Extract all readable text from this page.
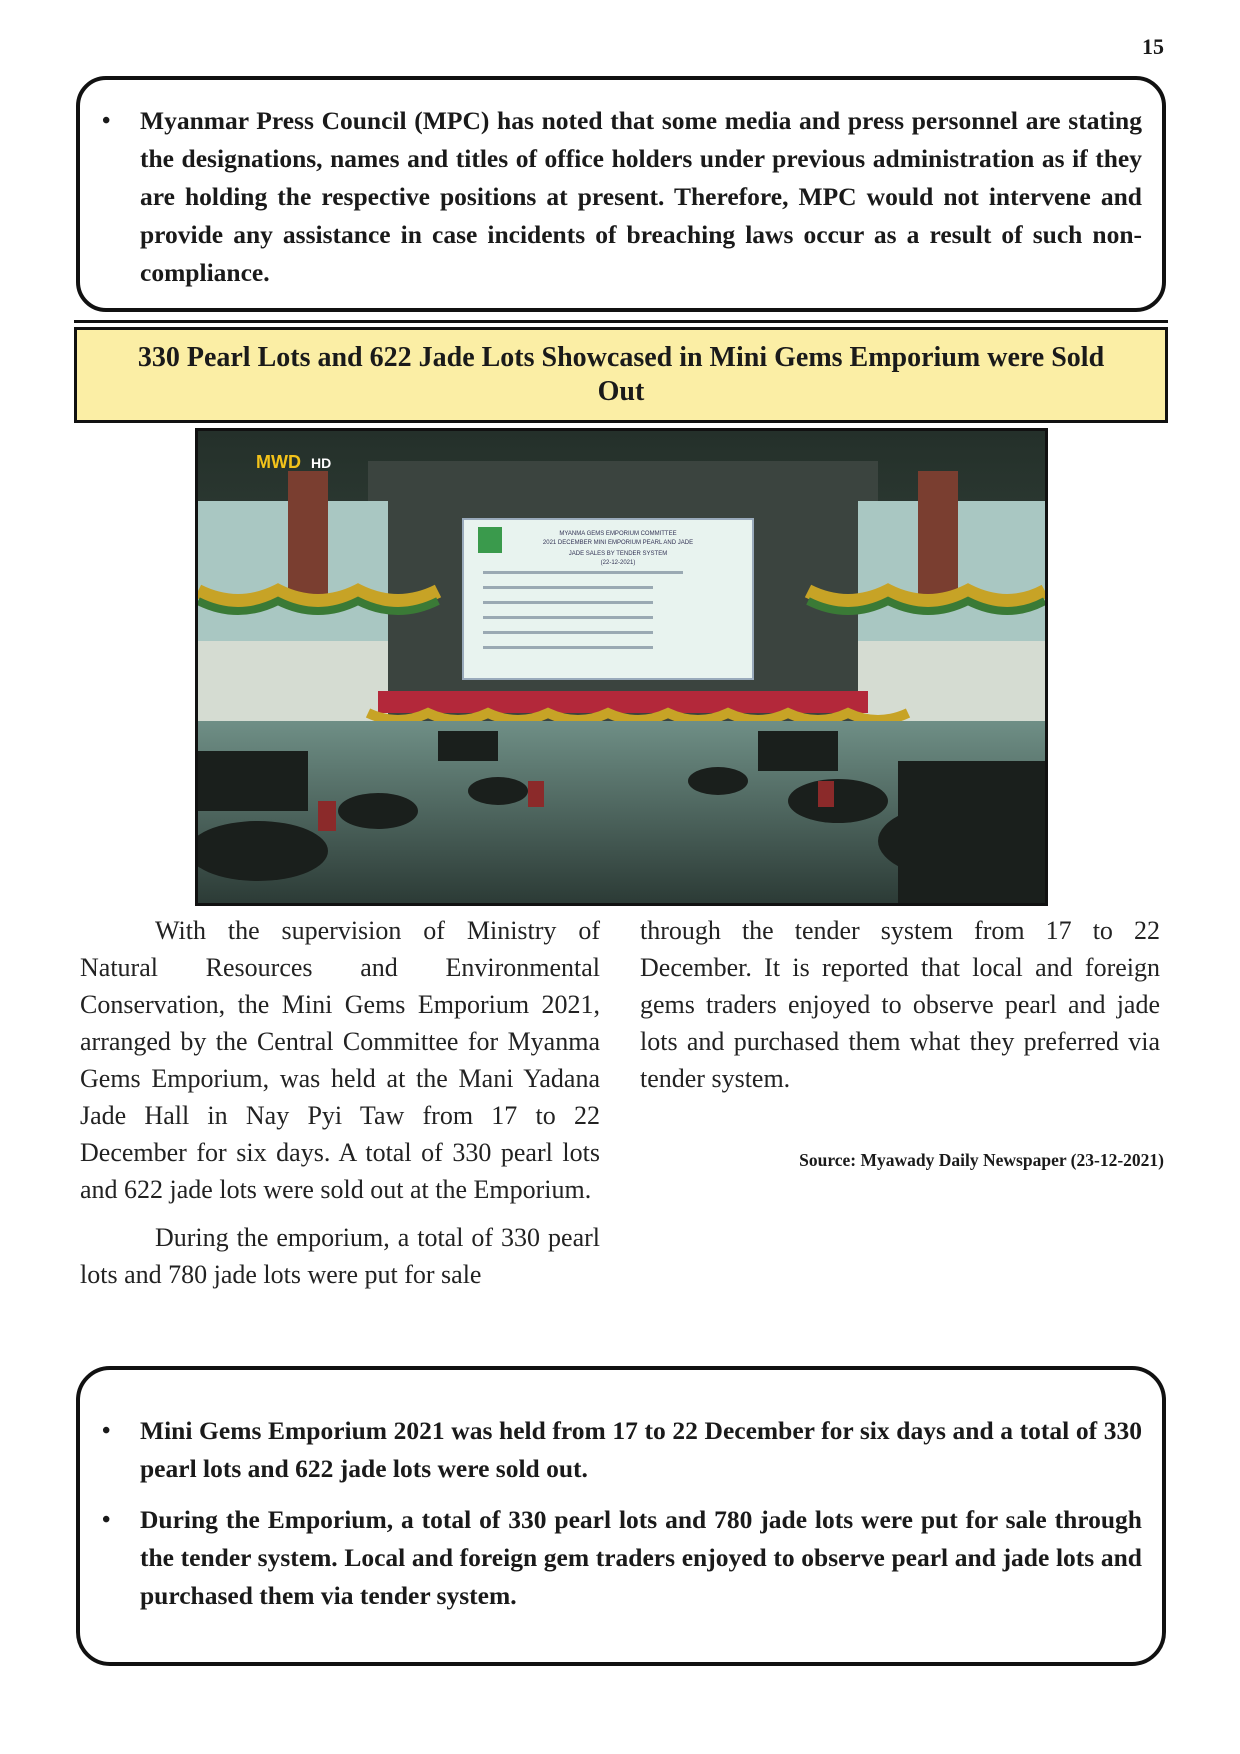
15
• Myanmar Press Council (MPC) has noted that some media and press personnel are stating the designations, names and titles of office holders under previous administration as if they are holding the respective positions at present. Therefore, MPC would not intervene and provide any assistance in case incidents of breaching laws occur as a result of such non-compliance.
330 Pearl Lots and 622 Jade Lots Showcased in Mini Gems Emporium were Sold Out
MYANMA GEMS EMPORIUM COMMITTEE
2021 DECEMBER MINI EMPORIUM PEARL AND JADE
JADE SALES BY TENDER SYSTEM
(22-12-2021)
MWD HD

With the supervision of Ministry of Natural Resources and Environmental Conservation, the Mini Gems Emporium 2021, arranged by the Central Committee for Myanma Gems Emporium, was held at the Mani Yadana Jade Hall in Nay Pyi Taw from 17 to 22 December for six days. A total of 330 pearl lots and 622 jade lots were sold out at the Emporium.

During the emporium, a total of 330 pearl lots and 780 jade lots were put for sale

through the tender system from 17 to 22 December. It is reported that local and foreign gems traders enjoyed to observe pearl and jade lots and purchased them what they preferred via tender system.

Source: Myawady Daily Newspaper (23-12-2021)
• Mini Gems Emporium 2021 was held from 17 to 22 December for six days and a total of 330 pearl lots and 622 jade lots were sold out.
• During the Emporium, a total of 330 pearl lots and 780 jade lots were put for sale through the tender system. Local and foreign gem traders enjoyed to observe pearl and jade lots and purchased them via tender system.
